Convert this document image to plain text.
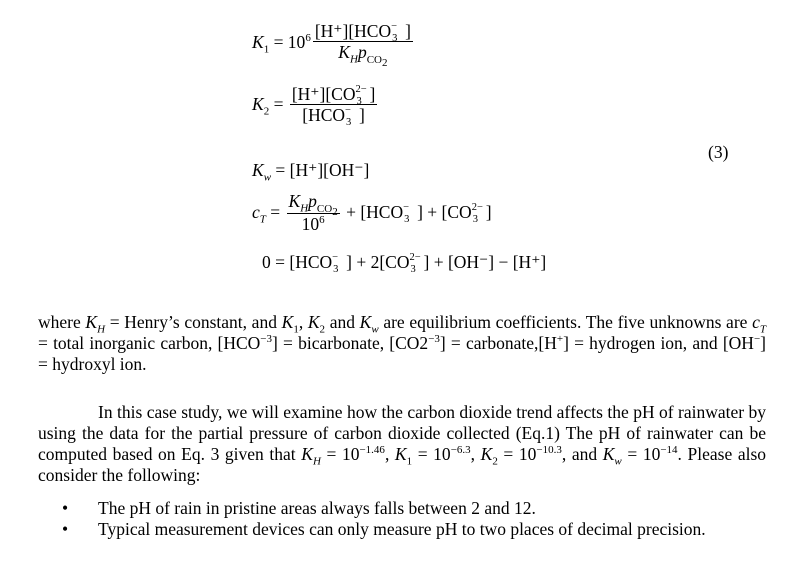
$K_1 = 10^6$ [H⁺][HCO −
3 ]
$K_Hp_{CO_2}$
$K_2 = [H^+][CO$ 2−
3 ]
[HCO −
3 ]
$K_w = [H^+][OH^-]$
$c_T = \frac{K_Hp_{CO_2}}{10^6} + [HCO$ −
3 ] + [CO 2−
3 ]
0 = [HCO −
3 ] + 2[CO 2−
3 ] + [OH⁻] − [H⁺]
(3)

where $K_H$ = Henry’s constant, and $K_1$, $K_2$ and $K_w$ are equilibrium coefficients. The five unknowns are $c_T$ = total inorganic carbon, $[HCO^{-3}]$ = bicarbonate, $[CO2^{-3}]$ = carbonate,[H+] = hydrogen ion, and [OH−] = hydroxyl ion.

In this case study, we will examine how the carbon dioxide trend affects the pH of rainwater by using the data for the partial pressure of carbon dioxide collected (Eq.1) The pH of rainwater can be computed based on Eq. 3 given that $K_H = 10^{-1.46}$, $K_1 = 10^{-6.3}$, $K_2 = 10^{-10.3}$, and $K_w = 10^{-14}$. Please also consider the following:

• The pH of rain in pristine areas always falls between 2 and 12.
• Typical measurement devices can only measure pH to two places of decimal precision.
